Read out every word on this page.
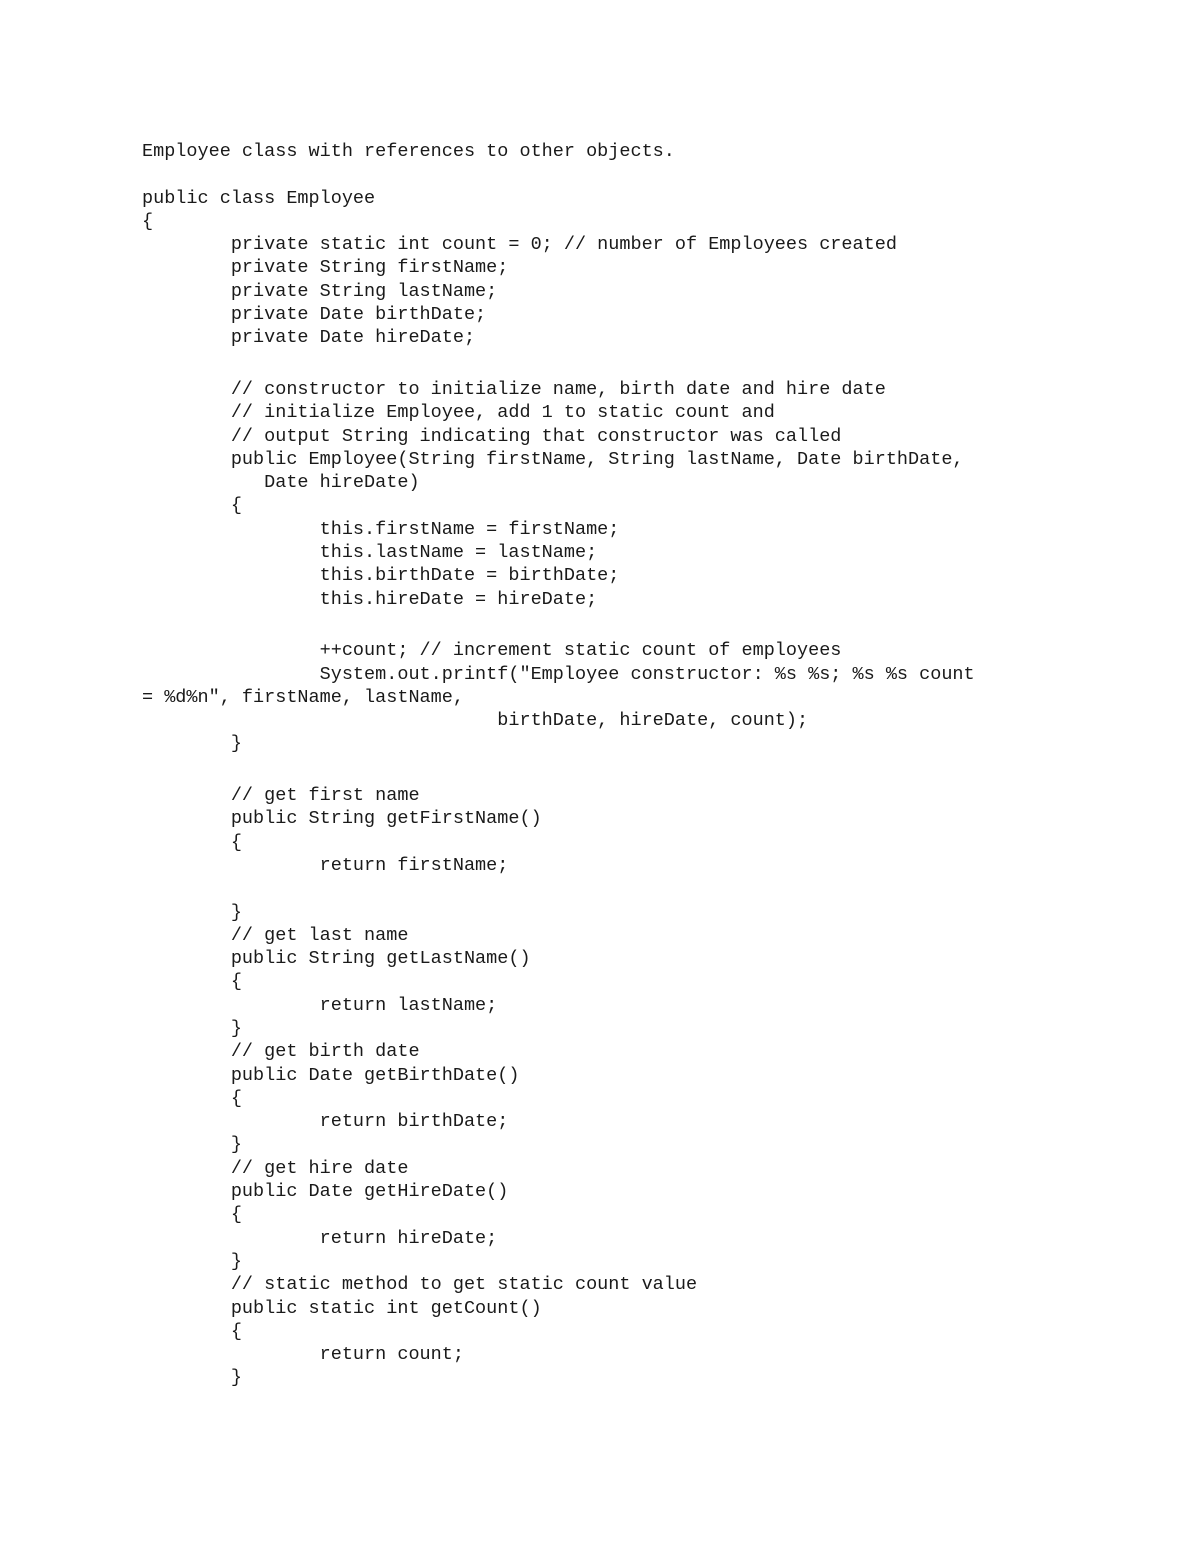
Employee class with references to other objects.
public class Employee
{
private static int count = 0; // number of Employees created
private String firstName;
private String lastName;
private Date birthDate;
private Date hireDate;
// constructor to initialize name, birth date and hire date
// initialize Employee, add 1 to static count and
// output String indicating that constructor was called
public Employee(String firstName, String lastName, Date birthDate,
Date hireDate)
{
this.firstName = firstName;
this.lastName = lastName;
this.birthDate = birthDate;
this.hireDate = hireDate;
++count; // increment static count of employees
System.out.printf("Employee constructor: %s %s; %s %s count
= %d%n", firstName, lastName,
birthDate, hireDate, count);
}
// get first name
public String getFirstName()
{
return firstName;
}
// get last name
public String getLastName()
{
return lastName;
}
// get birth date
public Date getBirthDate()
{
return birthDate;
}
// get hire date
public Date getHireDate()
{
return hireDate;
}
// static method to get static count value
public static int getCount()
{
return count;
}
